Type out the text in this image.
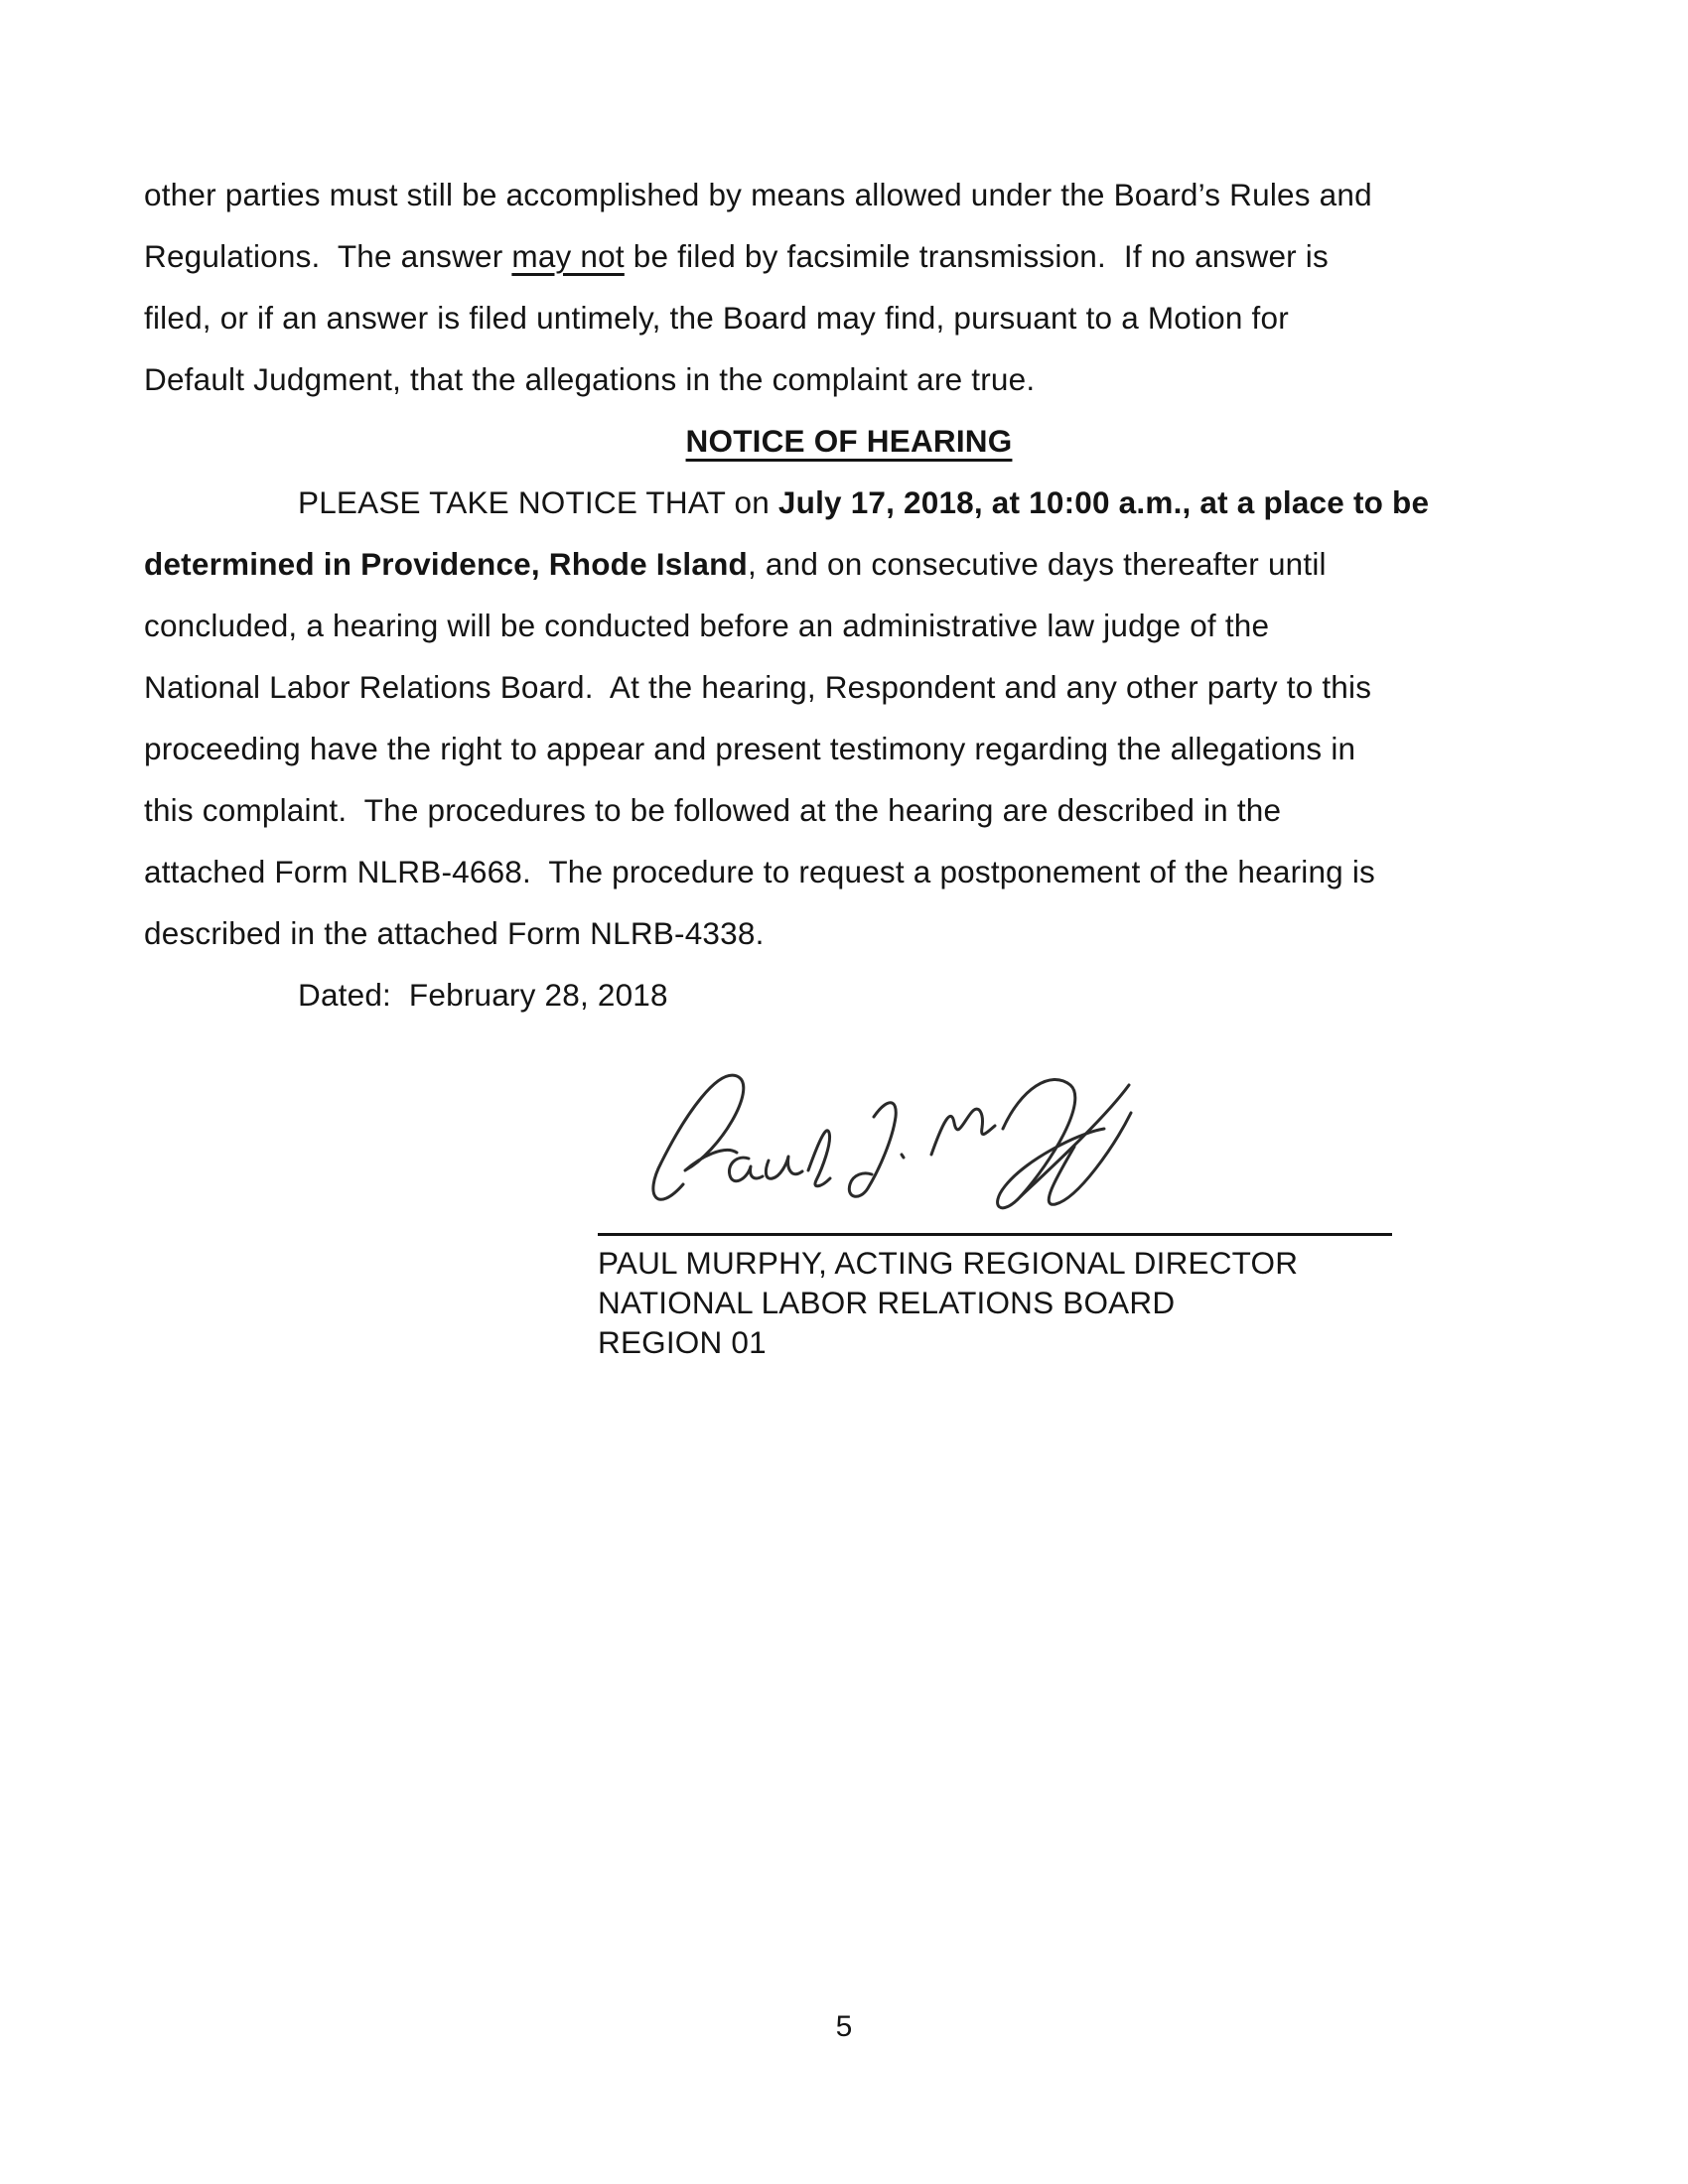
other parties must still be accomplished by means allowed under the Board’s Rules and
Regulations.  The answer may not be filed by facsimile transmission.  If no answer is
filed, or if an answer is filed untimely, the Board may find, pursuant to a Motion for
Default Judgment, that the allegations in the complaint are true.
NOTICE OF HEARING
PLEASE TAKE NOTICE THAT on July 17, 2018, at 10:00 a.m., at a place to be
determined in Providence, Rhode Island, and on consecutive days thereafter until
concluded, a hearing will be conducted before an administrative law judge of the
National Labor Relations Board.  At the hearing, Respondent and any other party to this
proceeding have the right to appear and present testimony regarding the allegations in
this complaint.  The procedures to be followed at the hearing are described in the
attached Form NLRB-4668.  The procedure to request a postponement of the hearing is
described in the attached Form NLRB-4338.
Dated:  February 28, 2018
PAUL MURPHY, ACTING REGIONAL DIRECTOR
NATIONAL LABOR RELATIONS BOARD
REGION 01
5
